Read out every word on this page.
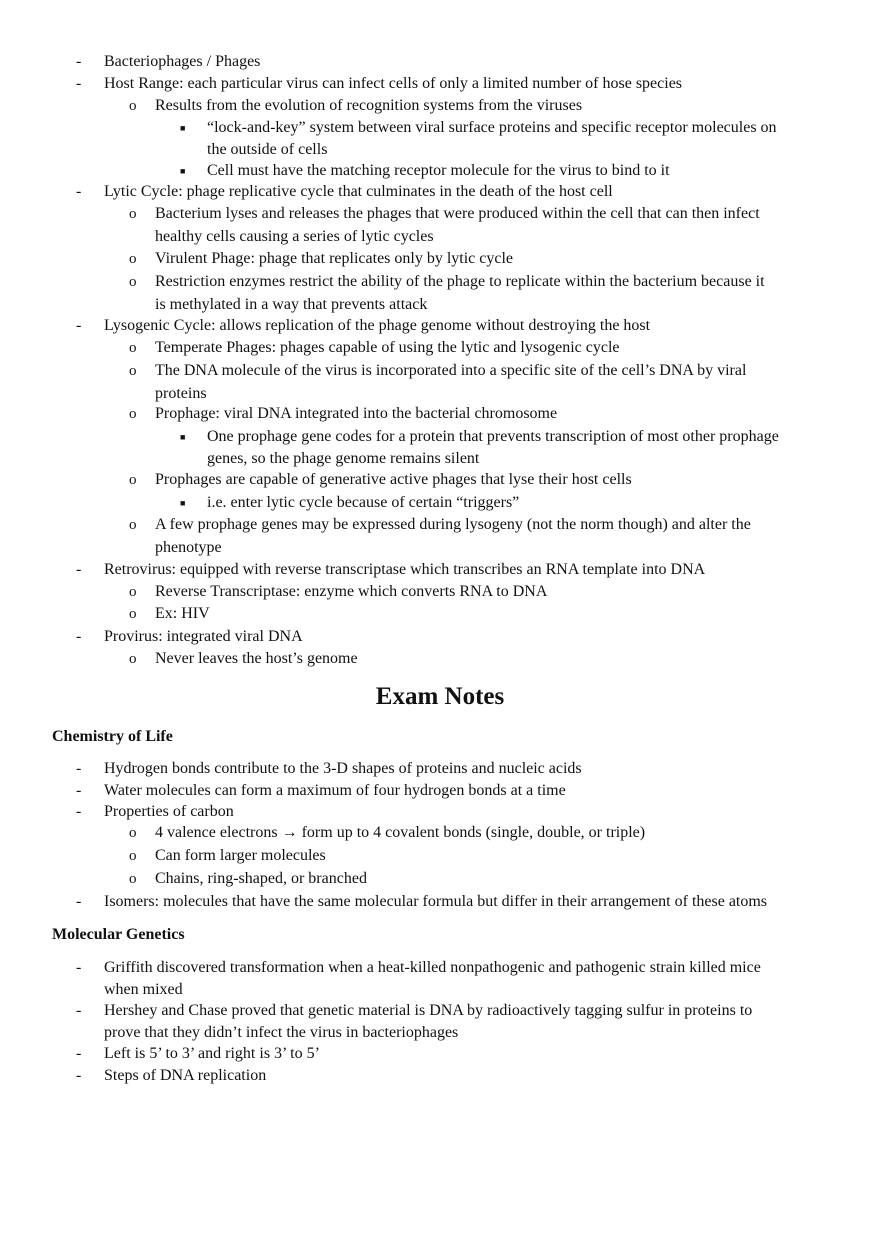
- Bacteriophages / Phages
- Host Range: each particular virus can infect cells of only a limited number of hose species
o Results from the evolution of recognition systems from the viruses
■ “lock-and-key” system between viral surface proteins and specific receptor molecules on
the outside of cells
■ Cell must have the matching receptor molecule for the virus to bind to it
- Lytic Cycle: phage replicative cycle that culminates in the death of the host cell
o Bacterium lyses and releases the phages that were produced within the cell that can then infect
healthy cells causing a series of lytic cycles
o Virulent Phage: phage that replicates only by lytic cycle
o Restriction enzymes restrict the ability of the phage to replicate within the bacterium because it
is methylated in a way that prevents attack
- Lysogenic Cycle: allows replication of the phage genome without destroying the host
o Temperate Phages: phages capable of using the lytic and lysogenic cycle
o The DNA molecule of the virus is incorporated into a specific site of the cell’s DNA by viral
proteins
o Prophage: viral DNA integrated into the bacterial chromosome
■ One prophage gene codes for a protein that prevents transcription of most other prophage
genes, so the phage genome remains silent
o Prophages are capable of generative active phages that lyse their host cells
■ i.e. enter lytic cycle because of certain “triggers”
o A few prophage genes may be expressed during lysogeny (not the norm though) and alter the
phenotype
- Retrovirus: equipped with reverse transcriptase which transcribes an RNA template into DNA
o Reverse Transcriptase: enzyme which converts RNA to DNA
o Ex: HIV
- Provirus: integrated viral DNA
o Never leaves the host’s genome
Exam Notes
Chemistry of Life
- Hydrogen bonds contribute to the 3-D shapes of proteins and nucleic acids
- Water molecules can form a maximum of four hydrogen bonds at a time
- Properties of carbon
o 4 valence electrons → form up to 4 covalent bonds (single, double, or triple)
o Can form larger molecules
o Chains, ring-shaped, or branched
- Isomers: molecules that have the same molecular formula but differ in their arrangement of these atoms
Molecular Genetics
- Griffith discovered transformation when a heat-killed nonpathogenic and pathogenic strain killed mice
when mixed
- Hershey and Chase proved that genetic material is DNA by radioactively tagging sulfur in proteins to
prove that they didn’t infect the virus in bacteriophages
- Left is 5’ to 3’ and right is 3’ to 5’
- Steps of DNA replication
